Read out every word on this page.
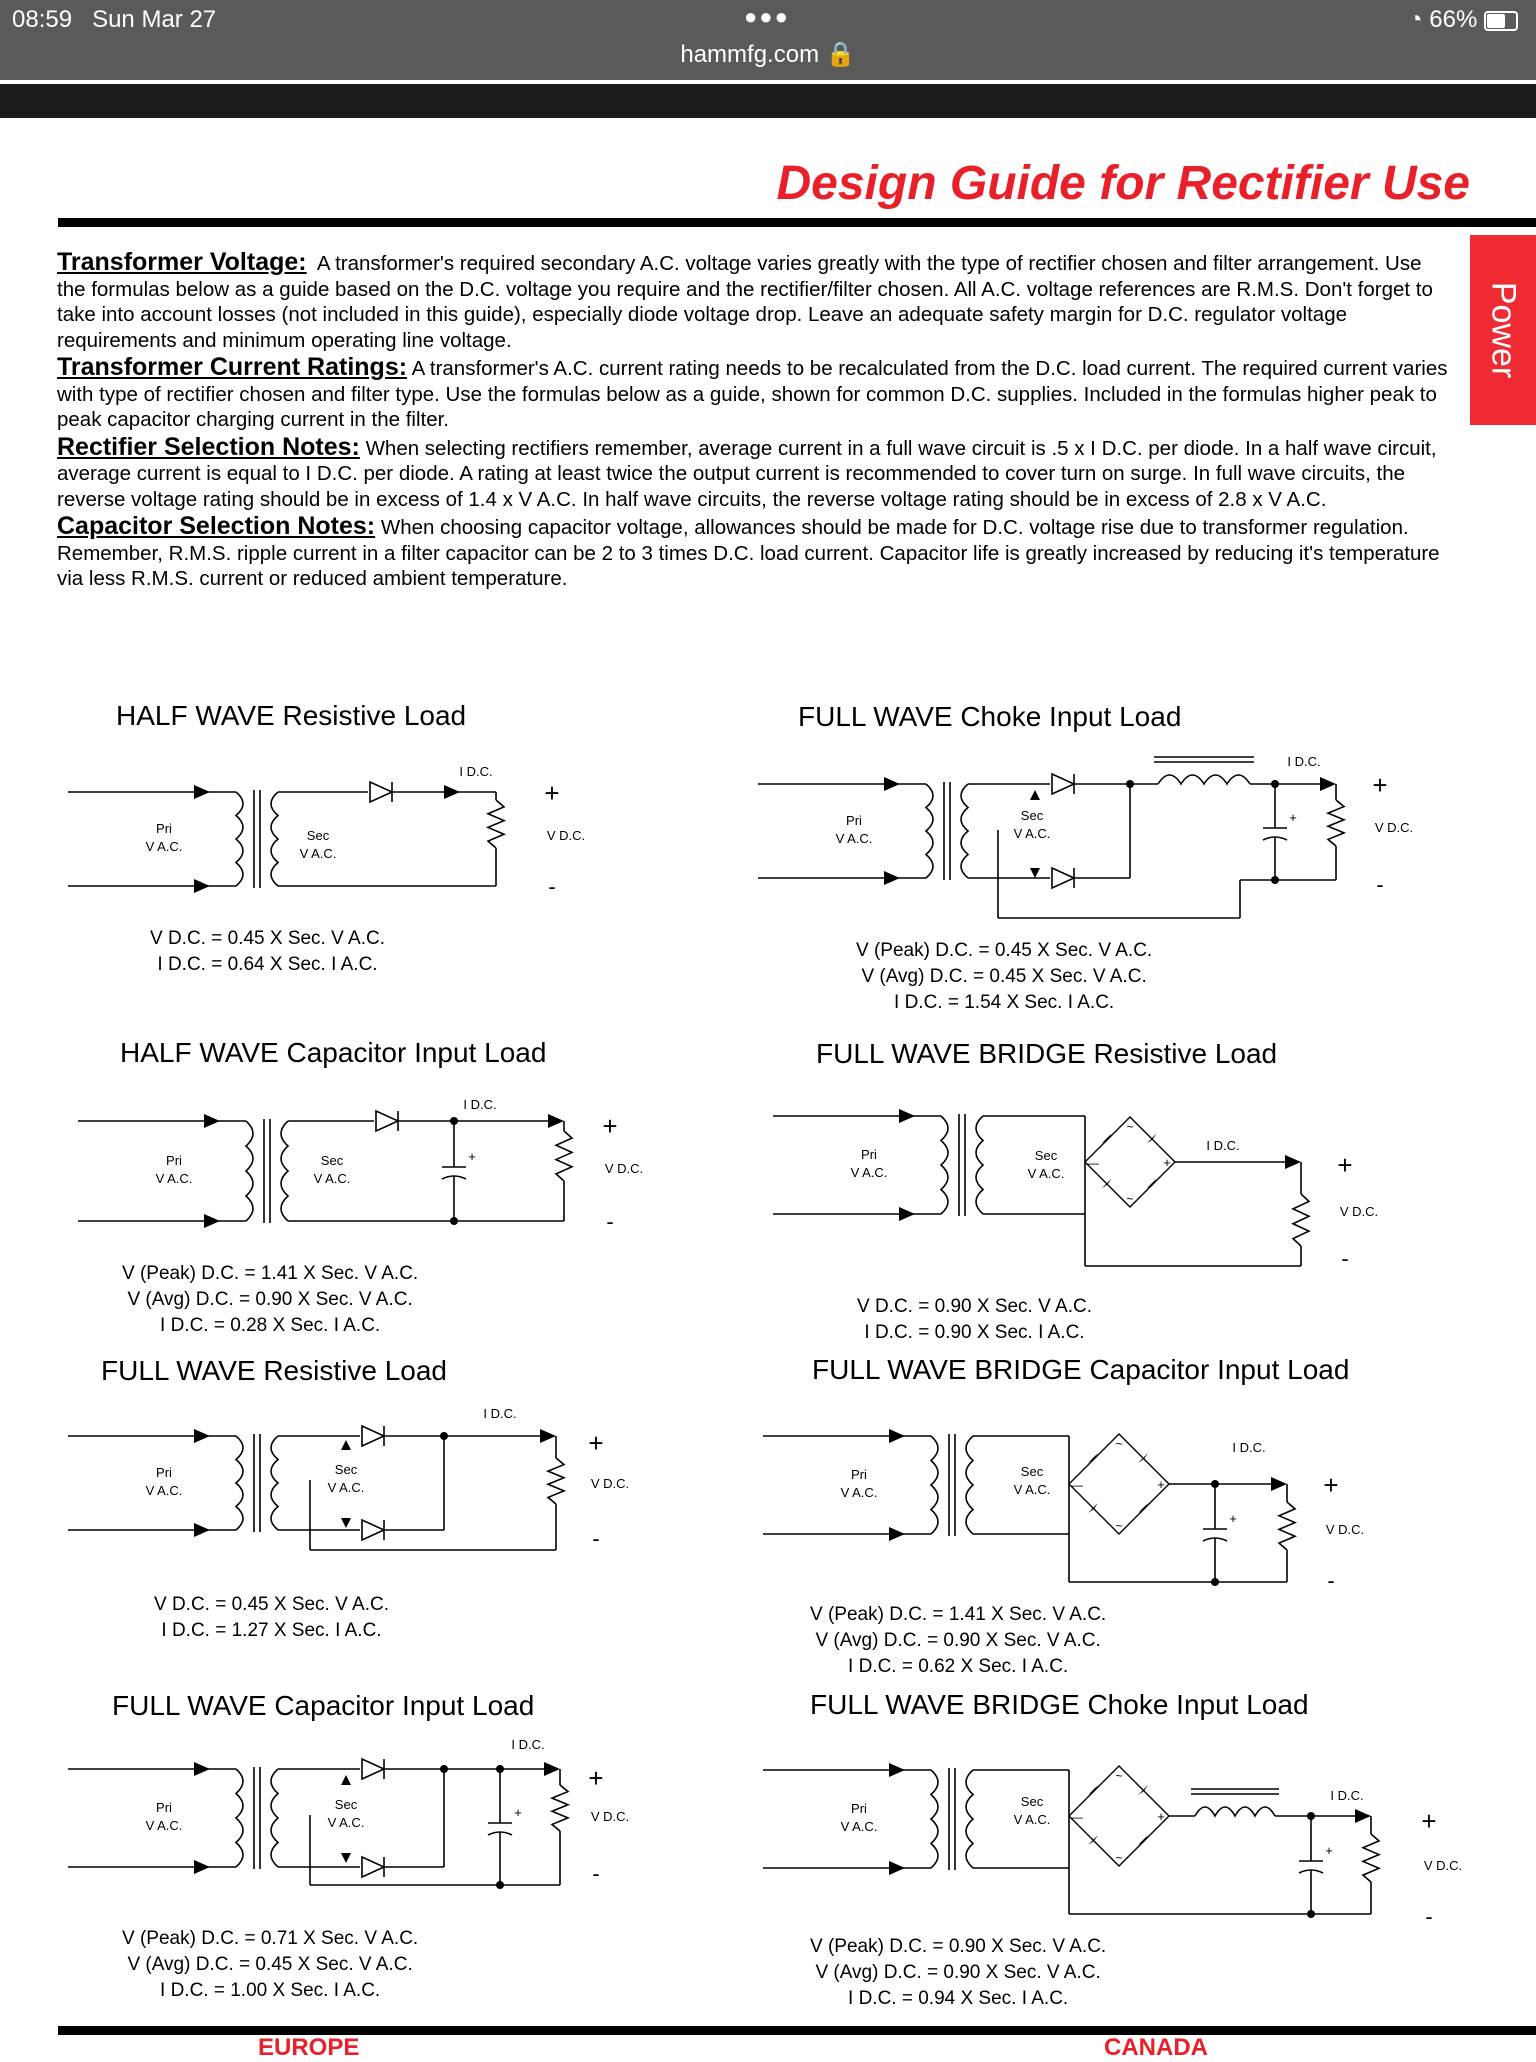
08:59 Sun Mar 27	●●●
hammfg.com 🔒
◔ 66%
Design Guide for Rectifier Use
Power

Transformer Voltage: A transformer's required secondary A.C. voltage varies greatly with the type of rectifier chosen and filter arrangement. Use the formulas below as a guide based on the D.C. voltage you require and the rectifier/filter chosen. All A.C. voltage references are R.M.S. Don't forget to take into account losses (not included in this guide), especially diode voltage drop. Leave an adequate safety margin for D.C. regulator voltage requirements and minimum operating line voltage.

Transformer Current Ratings: A transformer's A.C. current rating needs to be recalculated from the D.C. load current. The required current varies with type of rectifier chosen and filter type. Use the formulas below as a guide, shown for common D.C. supplies. Included in the formulas higher peak to peak capacitor charging current in the filter.

Rectifier Selection Notes: When selecting rectifiers remember, average current in a full wave circuit is .5 x I D.C. per diode. In a half wave circuit, average current is equal to I D.C. per diode. A rating at least twice the output current is recommended to cover turn on surge. In full wave circuits, the reverse voltage rating should be in excess of 1.4 x V A.C. In half wave circuits, the reverse voltage rating should be in excess of 2.8 x V A.C.

Capacitor Selection Notes: When choosing capacitor voltage, allowances should be made for D.C. voltage rise due to transformer regulation. Remember, R.M.S. ripple current in a filter capacitor can be 2 to 3 times D.C. load current. Capacitor life is greatly increased by reducing it's temperature via less R.M.S. current or reduced ambient temperature.

HALF WAVE Resistive Load	FULL WAVE Choke Input Load
HALF WAVE Capacitor Input Load	FULL WAVE BRIDGE Resistive Load
FULL WAVE Resistive Load	FULL WAVE BRIDGE Capacitor Input Load
FULL WAVE Capacitor Input Load	FULL WAVE BRIDGE Choke Input Load
V D.C. = 0.45 X Sec. V A.C.
I D.C. = 0.64 X Sec. I A.C.
V (Peak) D.C. = 0.45 X Sec. V A.C.
V (Avg) D.C. = 0.45 X Sec. V A.C.
I D.C. = 1.54 X Sec. I A.C.
V (Peak) D.C. = 1.41 X Sec. V A.C.
V (Avg) D.C. = 0.90 X Sec. V A.C.
I D.C. = 0.28 X Sec. I A.C.
V D.C. = 0.90 X Sec. V A.C.
I D.C. = 0.90 X Sec. I A.C.
V D.C. = 0.45 X Sec. V A.C.
I D.C. = 1.27 X Sec. I A.C.
V (Peak) D.C. = 1.41 X Sec. V A.C.
V (Avg) D.C. = 0.90 X Sec. V A.C.
I D.C. = 0.62 X Sec. I A.C.
V (Peak) D.C. = 0.71 X Sec. V A.C.
V (Avg) D.C. = 0.45 X Sec. V A.C.
I D.C. = 1.00 X Sec. I A.C.
V (Peak) D.C. = 0.90 X Sec. V A.C.
V (Avg) D.C. = 0.90 X Sec. V A.C.
I D.C. = 0.94 X Sec. I A.C.
Pri
V A.C.
I D.C.
Sec
V A.C.
+
V D.C.
-
Pri
V A.C.
I D.C.
+
Sec
V A.C.
+
V D.C.
-
Pri
V A.C.
I D.C.
+
Sec
V A.C.
+
V D.C.
-
Pri
V A.C.
~
~
+
—
I D.C.
Sec
V A.C.	+
V D.C.
-
Pri
V A.C.
I D.C.
Sec
V A.C.
+
V D.C.
-
Pri
V A.C.
~
~
+
—
I D.C.
+
Sec
V A.C.	+
V D.C.
-
Pri
V A.C.
I D.C.
+
Sec
V A.C.
+
V D.C.
-
Pri
V A.C.
~
~
+
—
I D.C.
+
Sec
V A.C.	+
V D.C.
-
EUROPE	CANADA
